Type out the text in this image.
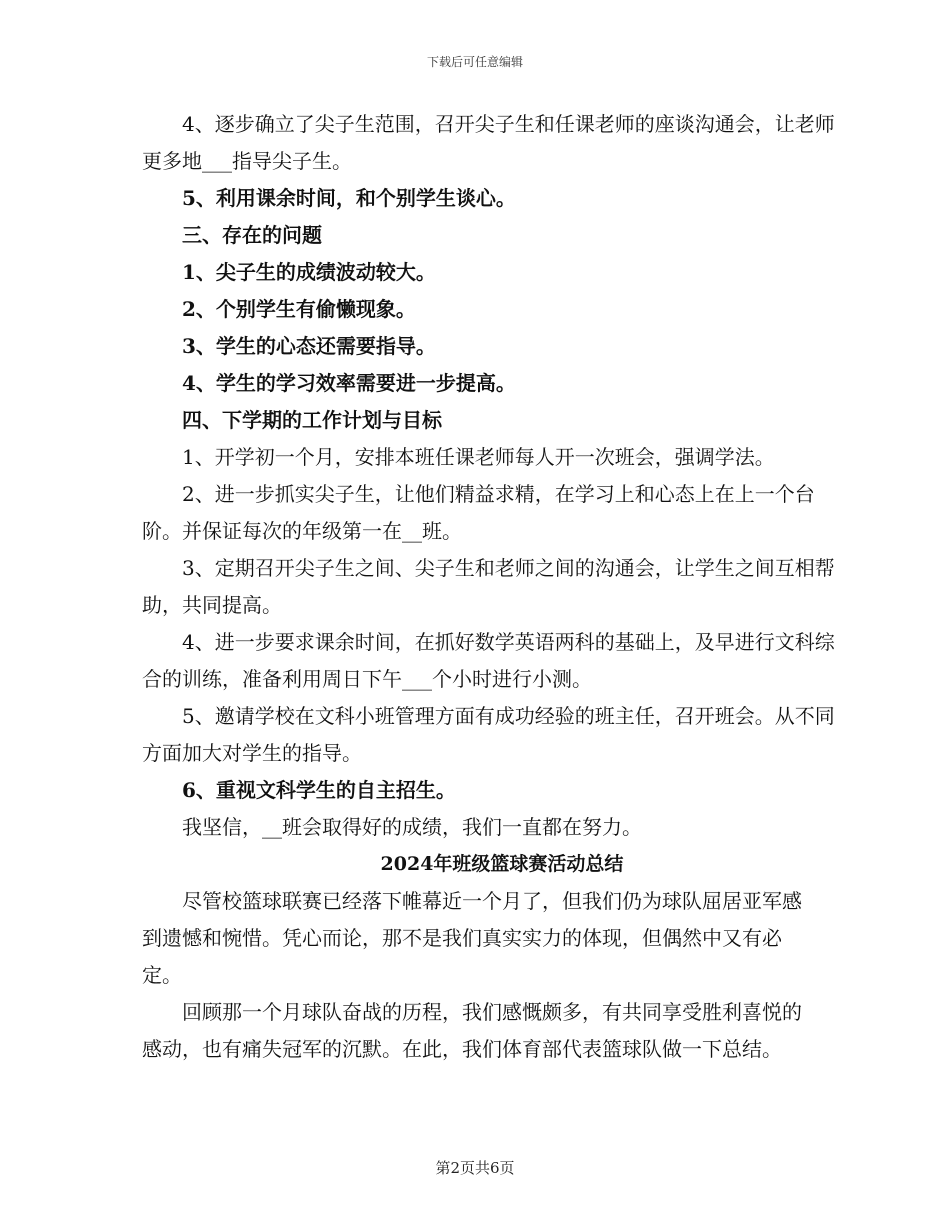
下载后可任意编辑

4、逐步确立了尖子生范围，召开尖子生和任课老师的座谈沟通会，让老师更多地___指导尖子生。

5、利用课余时间，和个别学生谈心。

三、存在的问题

1、尖子生的成绩波动较大。

2、个别学生有偷懒现象。

3、学生的心态还需要指导。

4、学生的学习效率需要进一步提高。

四、下学期的工作计划与目标

1、开学初一个月，安排本班任课老师每人开一次班会，强调学法。

2、进一步抓实尖子生，让他们精益求精，在学习上和心态上在上一个台阶。并保证每次的年级第一在__班。

3、定期召开尖子生之间、尖子生和老师之间的沟通会，让学生之间互相帮助，共同提高。

4、进一步要求课余时间，在抓好数学英语两科的基础上，及早进行文科综合的训练，准备利用周日下午___个小时进行小测。

5、邀请学校在文科小班管理方面有成功经验的班主任，召开班会。从不同方面加大对学生的指导。

6、重视文科学生的自主招生。

我坚信，__班会取得好的成绩，我们一直都在努力。

2024年班级篮球赛活动总结

尽管校篮球联赛已经落下帷幕近一个月了，但我们仍为球队屈居亚军感到遗憾和惋惜。凭心而论，那不是我们真实实力的体现，但偶然中又有必定。

回顾那一个月球队奋战的历程，我们感慨颇多，有共同享受胜利喜悦的感动，也有痛失冠军的沉默。在此，我们体育部代表篮球队做一下总结。

第2页共6页
